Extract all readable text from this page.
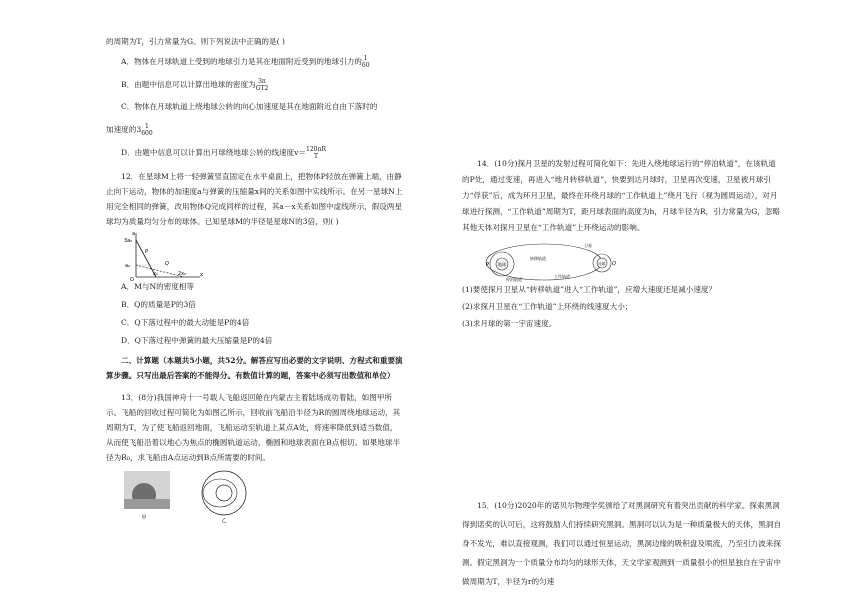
的周期为T，引力常量为G。则下列说法中正确的是( )

A．物体在月球轨道上受到的地球引力是其在地面附近受到的地球引力的 1
60
B．由题中信息可以计算出地球的密度为 3π
GT2
C．物体在月球轨道上绕地球公转的向心加速度是其在地面附近自由下落时的
加速度的3 1
600
D．由题中信息可以计算出月球绕地球公转的线速度v＝ 120πR
T

12．在星球M上将一轻弹簧竖直固定在水平桌面上，把物体P轻放在弹簧上端，由静止向下运动，物体的加速度a与弹簧的压缩量x间的关系如图中实线所示。在另一星球N上用完全相同的弹簧，改用物体Q完成同样的过程，其a－x关系如图中虚线所示，假设两星球均为质量均匀分布的球体。已知星球M的半径是星球N的3倍，则( )

3a₀
a₀
x₀	2x₀
a
x
O
P
Q
A．M与N的密度相等
B．Q的质量是P的3倍
C．Q下落过程中的最大动能是P的4倍
D．Q下落过程中弹簧的最大压缩量是P的4倍

二、计算题（本题共5小题，共52分。解答应写出必要的文字说明、方程式和重要演算步骤。只写出最后答案的不能得分。有数值计算的题，答案中必须写出数值和单位）

13．(8分)我国神舟十一号载人飞船返回舱在内蒙古主着陆场成功着陆，如图甲所示。飞船的回收过程可简化为如图乙所示，回收前飞船沿半径为R的圆周绕地球运动，其周期为T，为了使飞船返回地面，飞船运动至轨道上某点A处，将速率降低到适当数值，从而使飞船沿着以地心为焦点的椭圆轨道运动，椭圆和地球表面在B点相切。如果地球半径为R₀，求飞船由A点运动到B点所需要的时间。

甲	乙

14．(10分)探月卫星的发射过程可简化如下：先进入绕地球运行的“停泊轨道”，在该轨道的P处，通过变速，再进入“地月转移轨道”，快要到达月球时，卫星再次变速，卫星被月球引力“俘获”后，成为环月卫星，最终在环绕月球的“工作轨道上”绕月飞行（视为圆周运动），对月球进行探测，“工作轨道”周期为T，距月球表面的高度为h，月球半径为R，引力常量为G，忽略其他天体对探月卫星在“工作轨道”上环绕运动的影响。

地球	月球
P	Q
转移轨道
停泊轨道
工作轨道
卫星
(1)要使探月卫星从“转移轨道”进入“工作轨道”，应增大速度还是减小速度？
(2)求探月卫星在“工作轨道”上环绕的线速度大小；
(3)求月球的第一宇宙速度。

15．(10分)2020年的诺贝尔物理学奖颁给了对黑洞研究有着突出贡献的科学家。探索黑洞得到诺奖的认可后，这将鼓励人们持续研究黑洞。黑洞可以认为是一种质量极大的天体，黑洞自身不发光，难以直接观测，我们可以通过恒星运动，黑洞边缘的吸积盘及喷流，乃至引力波来探测。假定黑洞为一个质量分布均匀的球形天体，天文学家观测到一质量很小的恒星独自在宇宙中做周期为T，半径为r的匀速
